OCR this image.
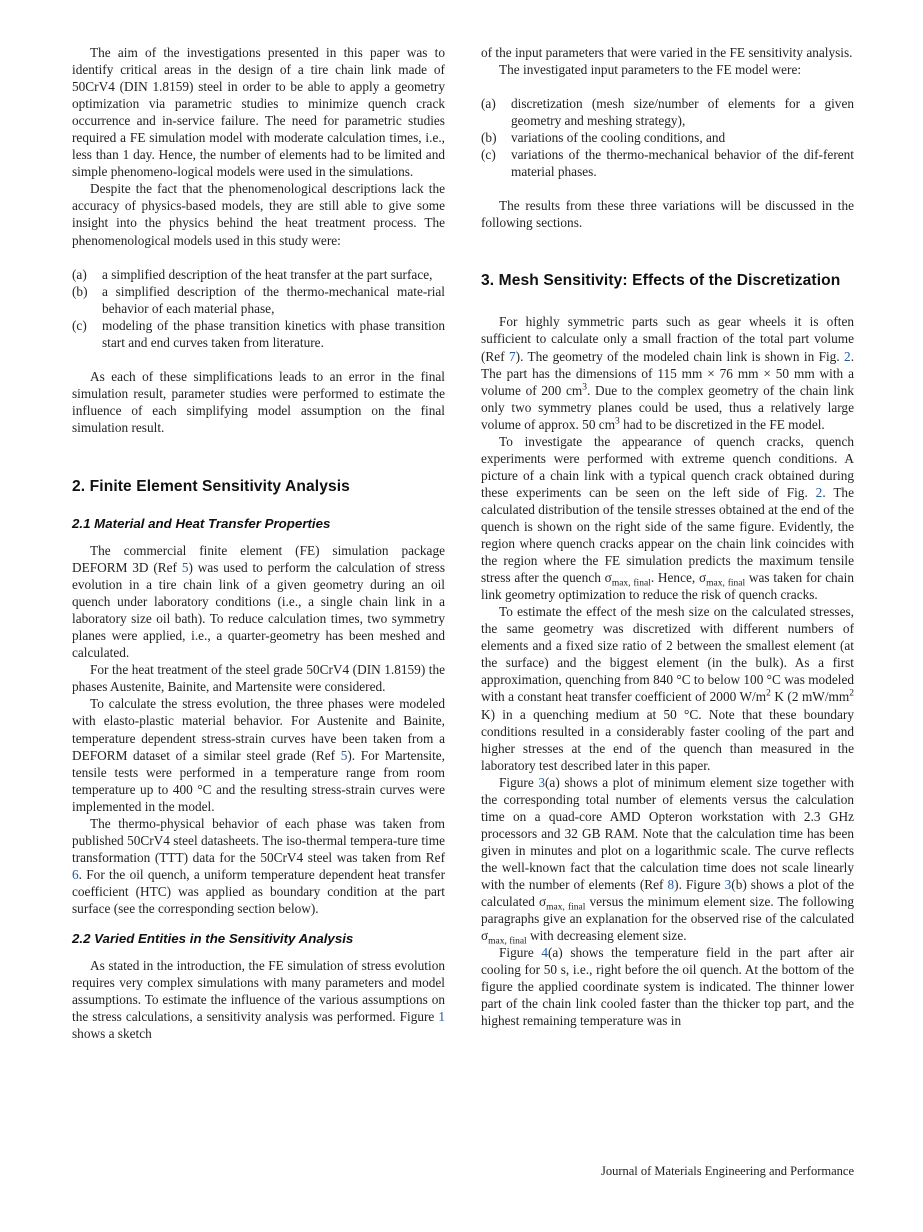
The aim of the investigations presented in this paper was to identify critical areas in the design of a tire chain link made of 50CrV4 (DIN 1.8159) steel in order to be able to apply a geometry optimization via parametric studies to minimize quench crack occurrence and in-service failure. The need for parametric studies required a FE simulation model with moderate calculation times, i.e., less than 1 day. Hence, the number of elements had to be limited and simple phenomeno-logical models were used in the simulations.

Despite the fact that the phenomenological descriptions lack the accuracy of physics-based models, they are still able to give some insight into the physics behind the heat treatment process. The phenomenological models used in this study were:

(a) a simplified description of the heat transfer at the part surface,
(b) a simplified description of the thermo-mechanical mate-rial behavior of each material phase,
(c) modeling of the phase transition kinetics with phase transition start and end curves taken from literature.

As each of these simplifications leads to an error in the final simulation result, parameter studies were performed to estimate the influence of each simplifying model assumption on the final simulation result.

2. Finite Element Sensitivity Analysis
2.1 Material and Heat Transfer Properties

The commercial finite element (FE) simulation package DEFORM 3D (Ref 5) was used to perform the calculation of stress evolution in a tire chain link of a given geometry during an oil quench under laboratory conditions (i.e., a single chain link in a laboratory size oil bath). To reduce calculation times, two symmetry planes were applied, i.e., a quarter-geometry has been meshed and calculated.

For the heat treatment of the steel grade 50CrV4 (DIN 1.8159) the phases Austenite, Bainite, and Martensite were considered.

To calculate the stress evolution, the three phases were modeled with elasto-plastic material behavior. For Austenite and Bainite, temperature dependent stress-strain curves have been taken from a DEFORM dataset of a similar steel grade (Ref 5). For Martensite, tensile tests were performed in a temperature range from room temperature up to 400 °C and the resulting stress-strain curves were implemented in the model.

The thermo-physical behavior of each phase was taken from published 50CrV4 steel datasheets. The iso-thermal tempera-ture time transformation (TTT) data for the 50CrV4 steel was taken from Ref 6. For the oil quench, a uniform temperature dependent heat transfer coefficient (HTC) was applied as boundary condition at the part surface (see the corresponding section below).

2.2 Varied Entities in the Sensitivity Analysis

As stated in the introduction, the FE simulation of stress evolution requires very complex simulations with many parameters and model assumptions. To estimate the influence of the various assumptions on the stress calculations, a sensitivity analysis was performed. Figure 1 shows a sketch

of the input parameters that were varied in the FE sensitivity analysis.

The investigated input parameters to the FE model were:

(a) discretization (mesh size/number of elements for a given geometry and meshing strategy),
(b) variations of the cooling conditions, and
(c) variations of the thermo-mechanical behavior of the dif-ferent material phases.

The results from these three variations will be discussed in the following sections.

3. Mesh Sensitivity: Effects of the Discretization

For highly symmetric parts such as gear wheels it is often sufficient to calculate only a small fraction of the total part volume (Ref 7). The geometry of the modeled chain link is shown in Fig. 2. The part has the dimensions of 115 mm × 76 mm × 50 mm with a volume of 200 $cm^3$. Due to the complex geometry of the chain link only two symmetry planes could be used, thus a relatively large volume of approx. 50 $cm^3$ had to be discretized in the FE model.

To investigate the appearance of quench cracks, quench experiments were performed with extreme quench conditions. A picture of a chain link with a typical quench crack obtained during these experiments can be seen on the left side of Fig. 2. The calculated distribution of the tensile stresses obtained at the end of the quench is shown on the right side of the same figure. Evidently, the region where quench cracks appear on the chain link coincides with the region where the FE simulation predicts the maximum tensile stress after the quench $\sigma_{max, final}$. Hence, $\sigma_{max, final}$ was taken for chain link geometry optimization to reduce the risk of quench cracks.

To estimate the effect of the mesh size on the calculated stresses, the same geometry was discretized with different numbers of elements and a fixed size ratio of 2 between the smallest element (at the surface) and the biggest element (in the bulk). As a first approximation, quenching from 840 °C to below 100 °C was modeled with a constant heat transfer coefficient of 2000 $W/m^2$ K (2 $mW/mm^2$ K) in a quenching medium at 50 °C. Note that these boundary conditions resulted in a considerably faster cooling of the part and higher stresses at the end of the quench than measured in the laboratory test described later in this paper.

Figure 3(a) shows a plot of minimum element size together with the corresponding total number of elements versus the calculation time on a quad-core AMD Opteron workstation with 2.3 GHz processors and 32 GB RAM. Note that the calculation time has been given in minutes and plot on a logarithmic scale. The curve reflects the well-known fact that the calculation time does not scale linearly with the number of elements (Ref 8). Figure 3(b) shows a plot of the calculated $\sigma_{max, final}$ versus the minimum element size. The following paragraphs give an explanation for the observed rise of the calculated $\sigma_{max, final}$ with decreasing element size.

Figure 4(a) shows the temperature field in the part after air cooling for 50 s, i.e., right before the oil quench. At the bottom of the figure the applied coordinate system is indicated. The thinner lower part of the chain link cooled faster than the thicker top part, and the highest remaining temperature was in

Journal of Materials Engineering and Performance
